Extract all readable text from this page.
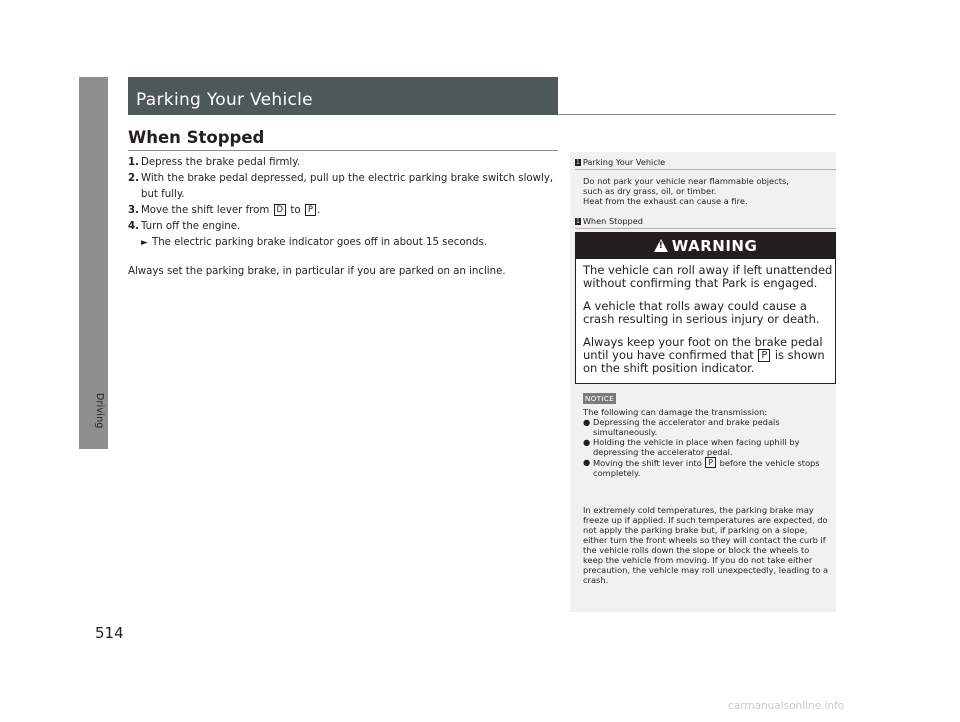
Driving
514
Parking Your Vehicle
When Stopped
1. Depress the brake pedal firmly.
2. With the brake pedal depressed, pull up the electric parking brake switch slowly, but fully.
3. Move the shift lever from D to P .
4. Turn off the engine.
► The electric parking brake indicator goes off in about 15 seconds.
Always set the parking brake, in particular if you are parked on an incline.
1 Parking Your Vehicle
Do not park your vehicle near flammable objects,
such as dry grass, oil, or timber.
Heat from the exhaust can cause a fire.
1 When Stopped
!WARNING
The vehicle can roll away if left unattended without confirming that Park is engaged.
A vehicle that rolls away could cause a crash resulting in serious injury or death.
Always keep your foot on the brake pedal until you have confirmed that P is shown on the shift position indicator.
NOTICE
The following can damage the transmission:
● Depressing the accelerator and brake pedals simultaneously.
● Holding the vehicle in place when facing uphill by depressing the accelerator pedal.
● Moving the shift lever into P before the vehicle stops completely.
In extremely cold temperatures, the parking brake may freeze up if applied. If such temperatures are expected, do not apply the parking brake but, if parking on a slope, either turn the front wheels so they will contact the curb if the vehicle rolls down the slope or block the wheels to keep the vehicle from moving. If you do not take either precaution, the vehicle may roll unexpectedly, leading to a crash.
carmanualsonline.info
